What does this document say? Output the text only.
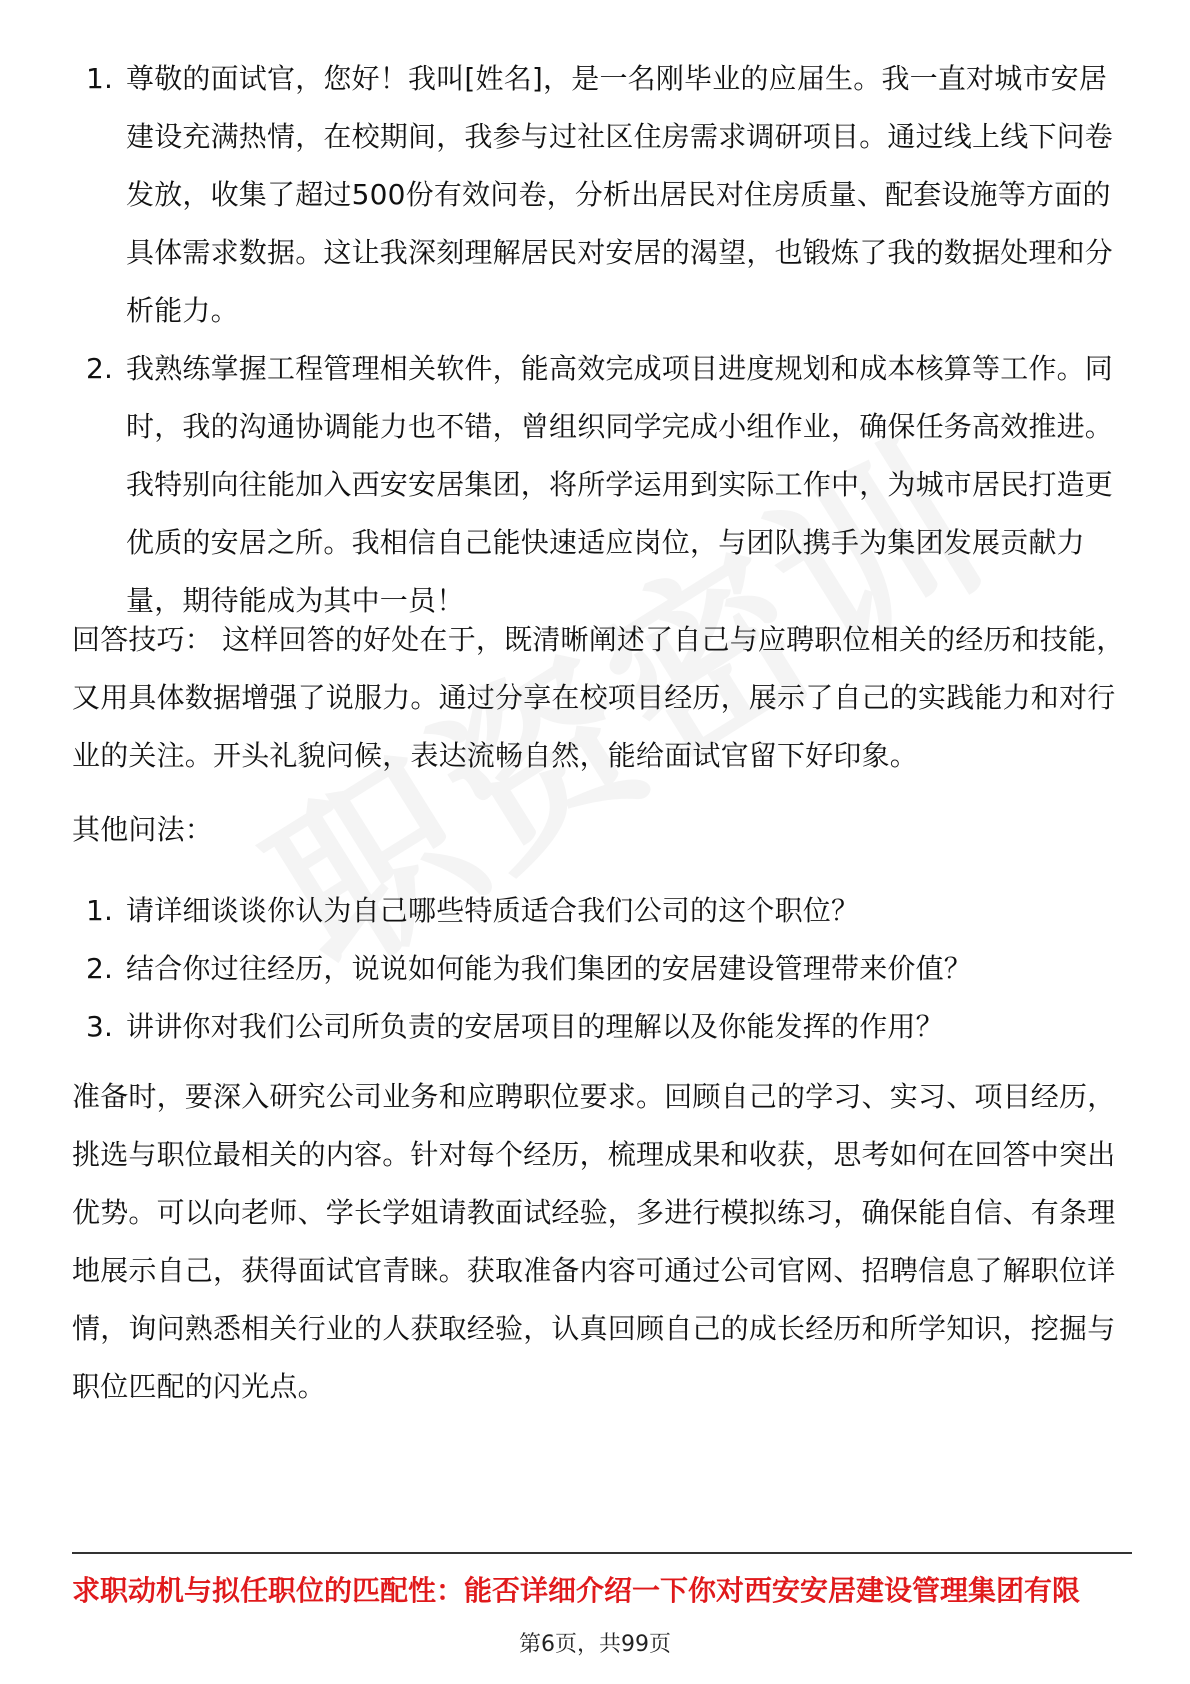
1. 尊敬的面试官，您好！我叫[姓名]，是一名刚毕业的应届生。我一直对城市安居建设充满热情，在校期间，我参与过社区住房需求调研项目。通过线上线下问卷发放，收集了超过500份有效问卷，分析出居民对住房质量、配套设施等方面的具体需求数据。这让我深刻理解居民对安居的渴望，也锻炼了我的数据处理和分析能力。
2. 我熟练掌握工程管理相关软件，能高效完成项目进度规划和成本核算等工作。同时，我的沟通协调能力也不错，曾组织同学完成小组作业，确保任务高效推进。我特别向往能加入西安安居集团，将所学运用到实际工作中，为城市居民打造更优质的安居之所。我相信自己能快速适应岗位，与团队携手为集团发展贡献力量，期待能成为其中一员！
回答技巧： 这样回答的好处在于，既清晰阐述了自己与应聘职位相关的经历和技能，又用具体数据增强了说服力。通过分享在校项目经历，展示了自己的实践能力和对行业的关注。开头礼貌问候，表达流畅自然，能给面试官留下好印象。
其他问法：
1. 请详细谈谈你认为自己哪些特质适合我们公司的这个职位？
2. 结合你过往经历，说说如何能为我们集团的安居建设管理带来价值？
3. 讲讲你对我们公司所负责的安居项目的理解以及你能发挥的作用？
准备时，要深入研究公司业务和应聘职位要求。回顾自己的学习、实习、项目经历，挑选与职位最相关的内容。针对每个经历，梳理成果和收获，思考如何在回答中突出优势。可以向老师、学长学姐请教面试经验，多进行模拟练习，确保能自信、有条理地展示自己，获得面试官青睐。获取准备内容可通过公司官网、招聘信息了解职位详情，询问熟悉相关行业的人获取经验，认真回顾自己的成长经历和所学知识，挖掘与职位匹配的闪光点。
求职动机与拟任职位的匹配性：能否详细介绍一下你对西安安居建设管理集团有限
第6页，共99页
